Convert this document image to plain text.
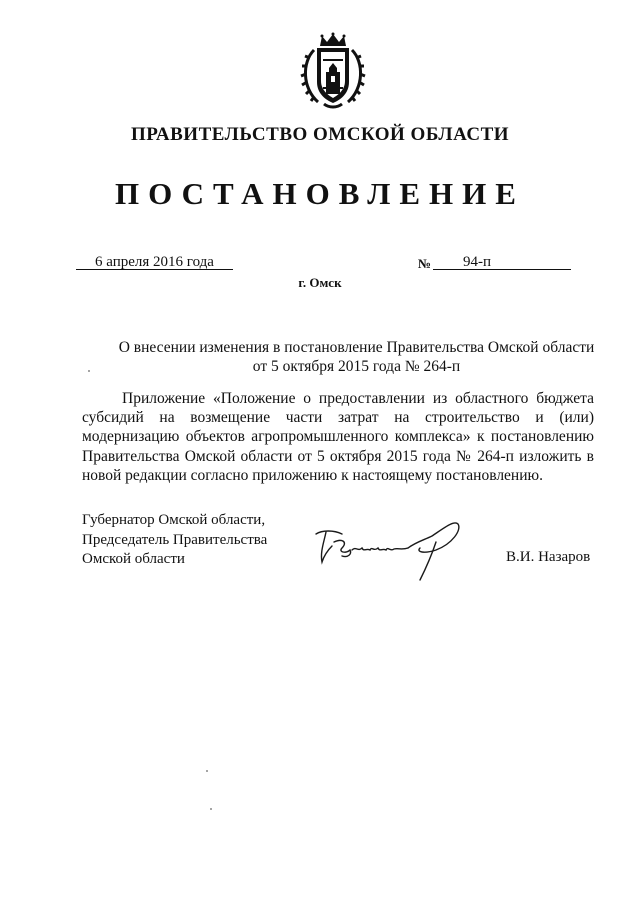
ПРАВИТЕЛЬСТВО ОМСКОЙ ОБЛАСТИ
ПОСТАНОВЛЕНИЕ
6 апреля 2016 года	№ 94-п
г. Омск
О внесении изменения в постановление Правительства Омской области
от 5 октября 2015 года № 264-п

Приложение «Положение о предоставлении из областного бюджета субсидий на возмещение части затрат на строительство и (или) модернизацию объектов агропромышленного комплекса» к постановлению Правительства Омской области от 5 октября 2015 года № 264-п изложить в новой редакции согласно приложению к настоящему постановлению.

Губернатор Омской области,
Председатель Правительства
Омской области	В.И. Назаров
